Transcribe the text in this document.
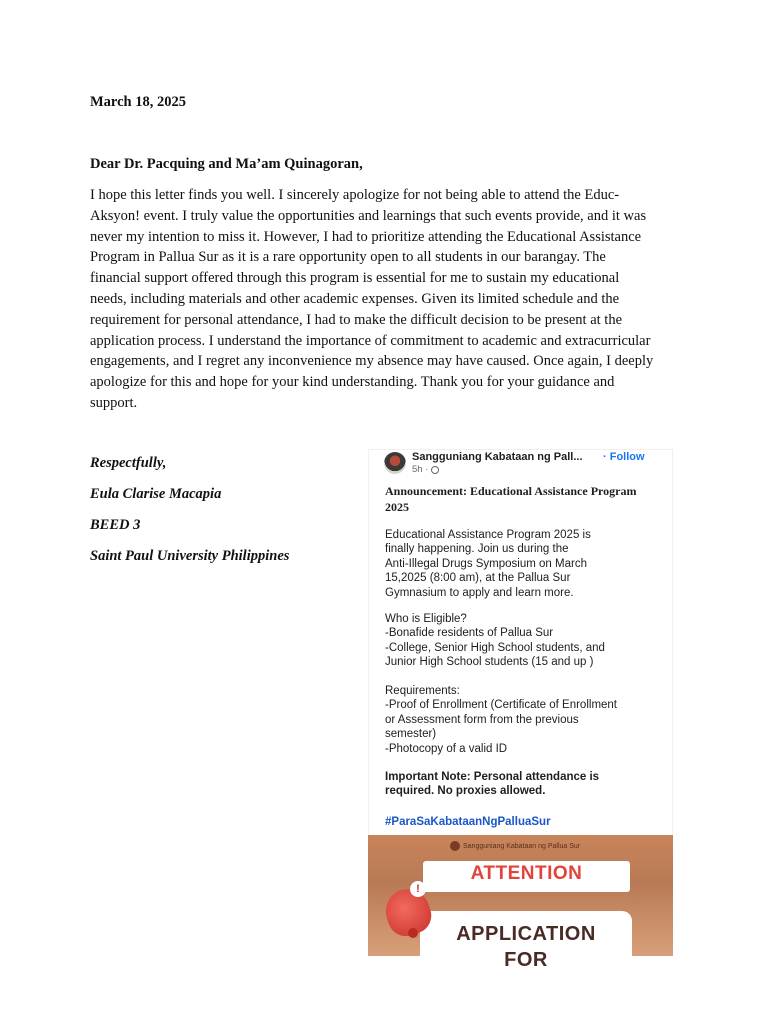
March 18, 2025
Dear Dr. Pacquing and Ma’am Quinagoran,
I hope this letter finds you well. I sincerely apologize for not being able to attend the Educ-
Aksyon! event. I truly value the opportunities and learnings that such events provide, and it was
never my intention to miss it. However, I had to prioritize attending the Educational Assistance
Program in Pallua Sur as it is a rare opportunity open to all students in our barangay. The
financial support offered through this program is essential for me to sustain my educational
needs, including materials and other academic expenses. Given its limited schedule and the
requirement for personal attendance, I had to make the difficult decision to be present at the
application process. I understand the importance of commitment to academic and extracurricular
engagements, and I regret any inconvenience my absence may have caused. Once again, I deeply
apologize for this and hope for your kind understanding. Thank you for your guidance and
support.
Respectfully,
Eula Clarise Macapia
BEED 3
Saint Paul University Philippines
Sangguniang Kabataan ng Pall... · Follow
5h ·
Announcement: Educational Assistance Program 2025

Educational Assistance Program 2025 is
finally happening. Join us during the
Anti-Illegal Drugs Symposium on March
15,2025 (8:00 am), at the Pallua Sur
Gymnasium to apply and learn more.

Who is Eligible?
-Bonafide residents of Pallua Sur
-College, Senior High School students, and
Junior High School students (15 and up )

Requirements:
-Proof of Enrollment (Certificate of Enrollment
or Assessment form from the previous
semester)
-Photocopy of a valid ID

Important Note: Personal attendance is
required. No proxies allowed.

#ParaSaKabataanNgPalluaSur
Sangguniang Kabataan ng Pallua Sur
ATTENTION
APPLICATION
FOR
!
